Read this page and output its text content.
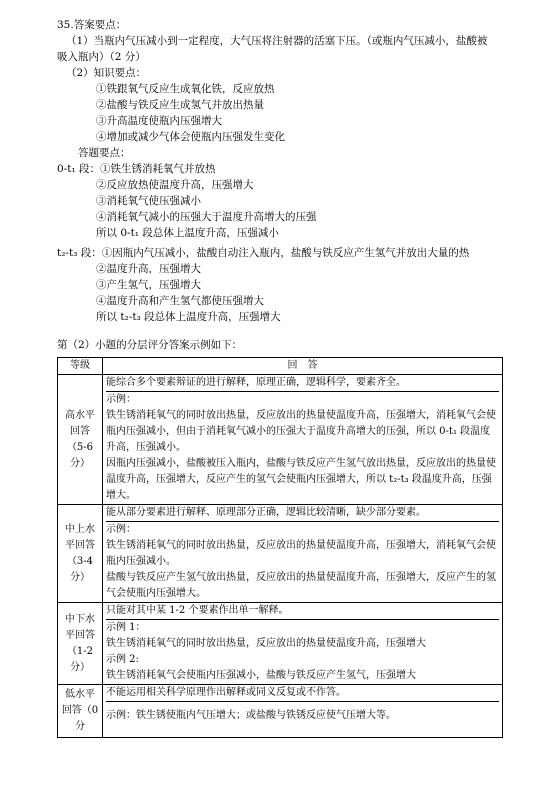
35.答案要点：
（1）当瓶内气压减小到一定程度，大气压将注射器的活塞下压。（或瓶内气压减小，盐酸被
吸入瓶内）（2 分）
（2）知识要点：
①铁跟氧气反应生成氧化铁，反应放热
②盐酸与铁反应生成氢气并放出热量
③升高温度使瓶内压强增大
④增加或减少气体会使瓶内压强发生变化
答题要点：
0-t₁ 段：①铁生锈消耗氧气并放热
②反应放热使温度升高，压强增大
③消耗氧气使压强减小
④消耗氧气减小的压强大于温度升高增大的压强
所以 0-t₁ 段总体上温度升高，压强减小
t₂-t₃ 段：①因瓶内气压减小，盐酸自动注入瓶内，盐酸与铁反应产生氢气并放出大量的热
②温度升高，压强增大
③产生氢气，压强增大
④温度升高和产生氢气都使压强增大
所以 t₂-t₃ 段总体上温度升高，压强增大
第（2）小题的分层评分答案示例如下：
等级	回　答
高水平回答（5-6分）	能综合多个要素辩证的进行解释，原理正确，逻辑科学，要素齐全。
示例：
铁生锈消耗氧气的同时放出热量，反应放出的热量使温度升高，压强增大，消耗氧气会使瓶内压强减小，但由于消耗氧气减小的压强大于温度升高增大的压强，所以 0-t₁ 段温度升高，压强减小。
因瓶内压强减小，盐酸被压入瓶内，盐酸与铁反应产生氢气放出热量，反应放出的热量使温度升高，压强增大，反应产生的氢气会使瓶内压强增大，所以 t₂-t₃ 段温度升高，压强增大。

中上水平回答（3-4分）	能从部分要素进行解释、原理部分正确，逻辑比较清晰，缺少部分要素。
示例：
铁生锈消耗氧气的同时放出热量，反应放出的热量使温度升高，压强增大，消耗氧气会使瓶内压强减小。
盐酸与铁反应产生氢气放出热量，反应放出的热量使温度升高，压强增大，反应产生的氢气会使瓶内压强增大。

中下水平回答（1-2分）	只能对其中某 1-2 个要素作出单一解释。
示例 1：
铁生锈消耗氧气的同时放出热量，反应放出的热量使温度升高，压强增大
示例 2:
铁生锈消耗氧气会使瓶内压强减小，盐酸与铁反应产生氢气，压强增大

低水平回答（0分	不能运用相关科学原理作出解释或同义反复或不作答。
示例：铁生锈使瓶内气压增大；或盐酸与铁锈反应使气压增大等。
